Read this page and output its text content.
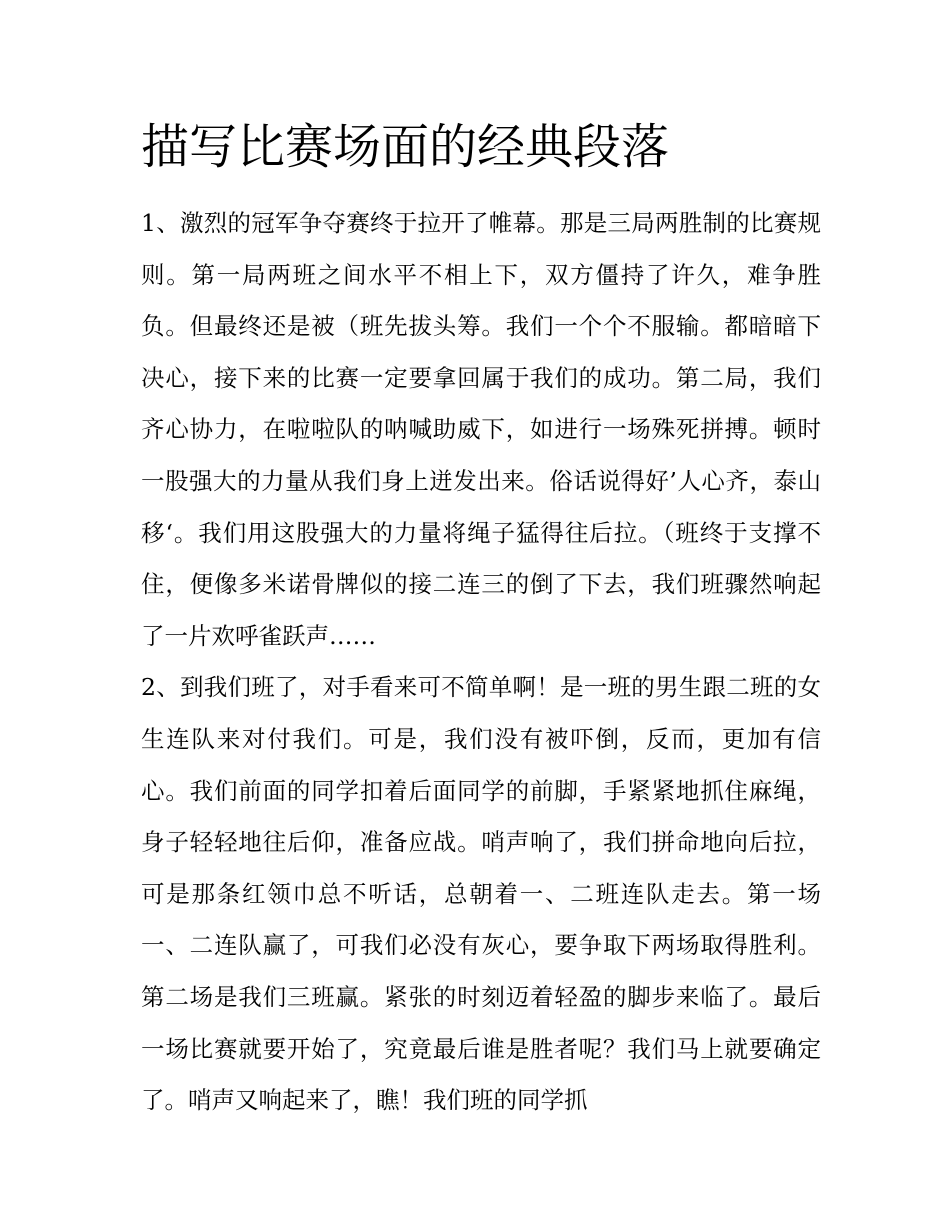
描写比赛场面的经典段落

1、激烈的冠军争夺赛终于拉开了帷幕。那是三局两胜制的比赛规则。第一局两班之间水平不相上下，双方僵持了许久，难争胜负。但最终还是被（班先拔头筹。我们一个个不服输。都暗暗下决心，接下来的比赛一定要拿回属于我们的成功。第二局，我们齐心协力，在啦啦队的呐喊助威下，如进行一场殊死拼搏。顿时一股强大的力量从我们身上迸发出来。俗话说得好’人心齐，泰山移‘。我们用这股强大的力量将绳子猛得往后拉。（班终于支撑不住，便像多米诺骨牌似的接二连三的倒了下去，我们班骤然响起了一片欢呼雀跃声……

2、到我们班了，对手看来可不简单啊！是一班的男生跟二班的女生连队来对付我们。可是，我们没有被吓倒，反而，更加有信心。我们前面的同学扣着后面同学的前脚，手紧紧地抓住麻绳，身子轻轻地往后仰，准备应战。哨声响了，我们拼命地向后拉，可是那条红领巾总不听话，总朝着一、二班连队走去。第一场一、二连队赢了，可我们必没有灰心，要争取下两场取得胜利。第二场是我们三班赢。紧张的时刻迈着轻盈的脚步来临了。最后一场比赛就要开始了，究竟最后谁是胜者呢？我们马上就要确定了。哨声又响起来了，瞧！我们班的同学抓
